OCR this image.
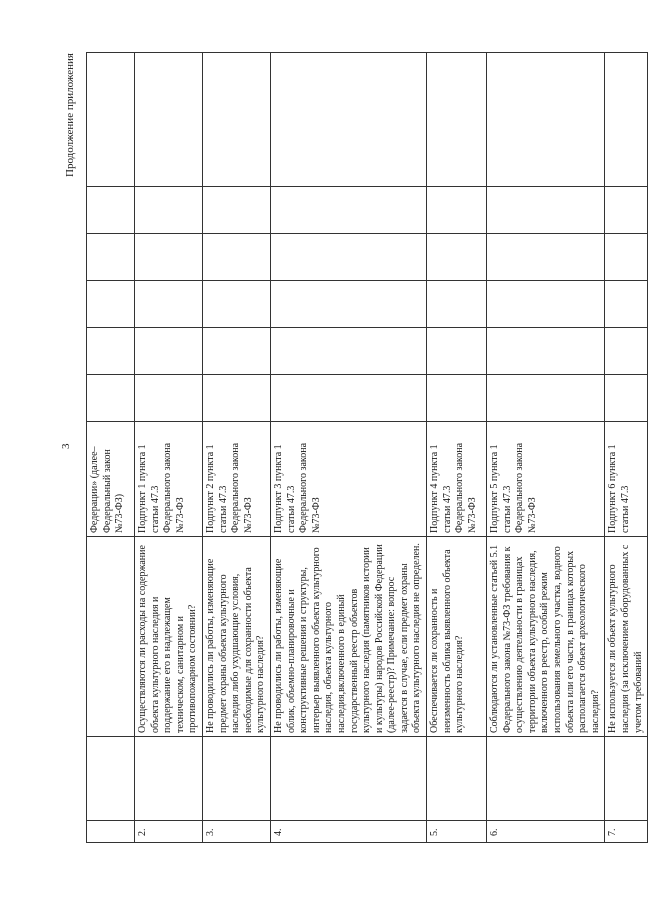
3
Продолжение приложения
			Федерации» (далее– Федеральный закон №73-ФЗ)						
2.		Осуществляются ли расходы на содержание объекта культурного наследия и поддержание его в надлежащем техническом, санитарном и противопожарном состоянии?	Подпункт 1 пункта 1 статьи 47.3 Федерального закона №73-ФЗ						
3.		Не проводились ли работы, изменяющие предмет охраны объекта культурного наследия либо ухудшающие условия, необходимые для сохранности объекта культурного наследия?	Подпункт 2 пункта 1 статьи 47.3 Федерального закона №73-ФЗ						
4.		Не проводились ли работы, изменяющие облик, объемно-планировочные и конструктивные решения и структуры, интерьер выявленного объекта культурного наследия, объекта культурного наследия,включенного в единый государственный реестр объектов культурного наследия (памятников истории и культуры) народов Российской Федерации (далее-реестр)? Примечание: вопрос задается в случае, если предмет охраны объекта культурного наследия не определен.	Подпункт 3 пункта 1 статьи 47.3 Федерального закона №73-ФЗ						
5.		Обеспечивается ли сохранность и неизменность облика выявленного объекта культурного наследия?	Подпункт 4 пункта 1 статьи 47.3 Федерального закона №73-ФЗ						
6.		Соблюдаются ли установленные статьей 5.1 Федерального закона №73-ФЗ требования к осуществлению деятельности в границах территории объекта культурного наследия, включенного в реестр, особый режим использования земельного участка, водного объекта или его части, в границах которых располагается объект археологического наследия?	Подпункт 5 пункта 1 статьи 47.3 Федерального закона №73-ФЗ						
7.		Не используется ли объект культурного наследия (за исключением оборудованных с учетом требований	Подпункт 6 пункта 1 статьи 47.3						
